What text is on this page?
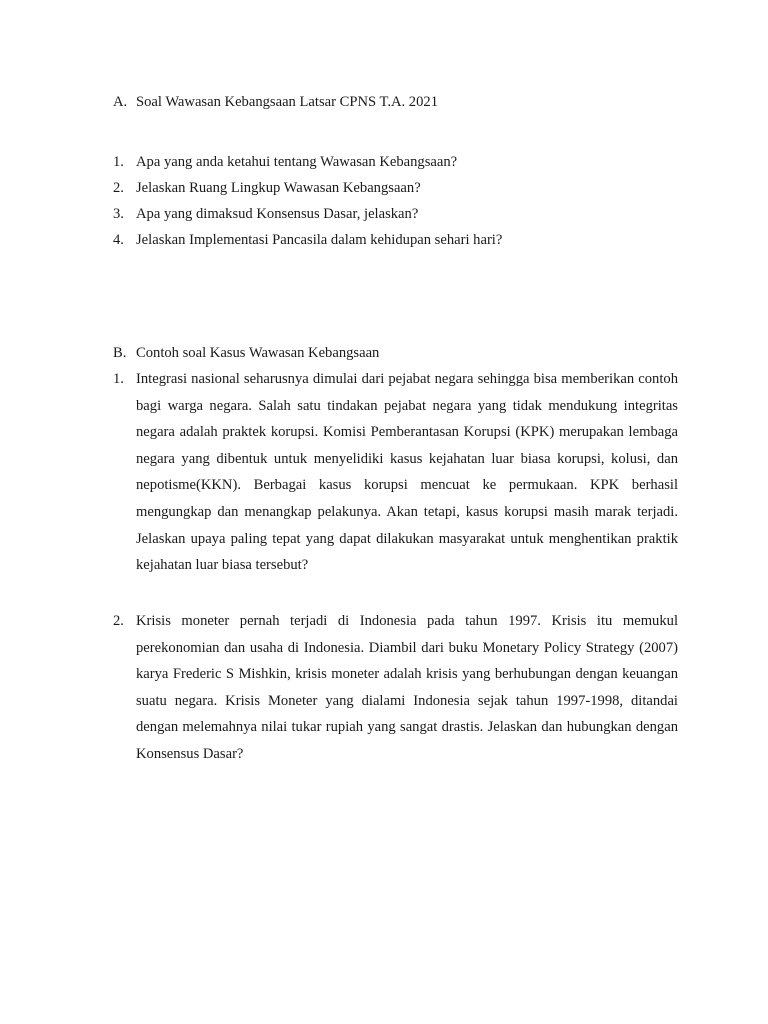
A. Soal Wawasan Kebangsaan Latsar CPNS T.A. 2021
1. Apa yang anda ketahui tentang Wawasan Kebangsaan?
2. Jelaskan Ruang Lingkup Wawasan Kebangsaan?
3. Apa yang dimaksud Konsensus Dasar, jelaskan?
4. Jelaskan Implementasi Pancasila dalam kehidupan sehari hari?
B. Contoh soal Kasus Wawasan Kebangsaan
1. Integrasi nasional seharusnya dimulai dari pejabat negara sehingga bisa memberikan contoh bagi warga negara. Salah satu tindakan pejabat negara yang tidak mendukung integritas negara adalah praktek korupsi. Komisi Pemberantasan Korupsi (KPK) merupakan lembaga negara yang dibentuk untuk menyelidiki kasus kejahatan luar biasa korupsi, kolusi, dan nepotisme(KKN). Berbagai kasus korupsi mencuat ke permukaan. KPK berhasil mengungkap dan menangkap pelakunya. Akan tetapi, kasus korupsi masih marak terjadi. Jelaskan upaya paling tepat yang dapat dilakukan masyarakat untuk menghentikan praktik kejahatan luar biasa tersebut?
2. Krisis moneter pernah terjadi di Indonesia pada tahun 1997. Krisis itu memukul perekonomian dan usaha di Indonesia. Diambil dari buku Monetary Policy Strategy (2007) karya Frederic S Mishkin, krisis moneter adalah krisis yang berhubungan dengan keuangan suatu negara. Krisis Moneter yang dialami Indonesia sejak tahun 1997-1998, ditandai dengan melemahnya nilai tukar rupiah yang sangat drastis. Jelaskan dan hubungkan dengan Konsensus Dasar?
